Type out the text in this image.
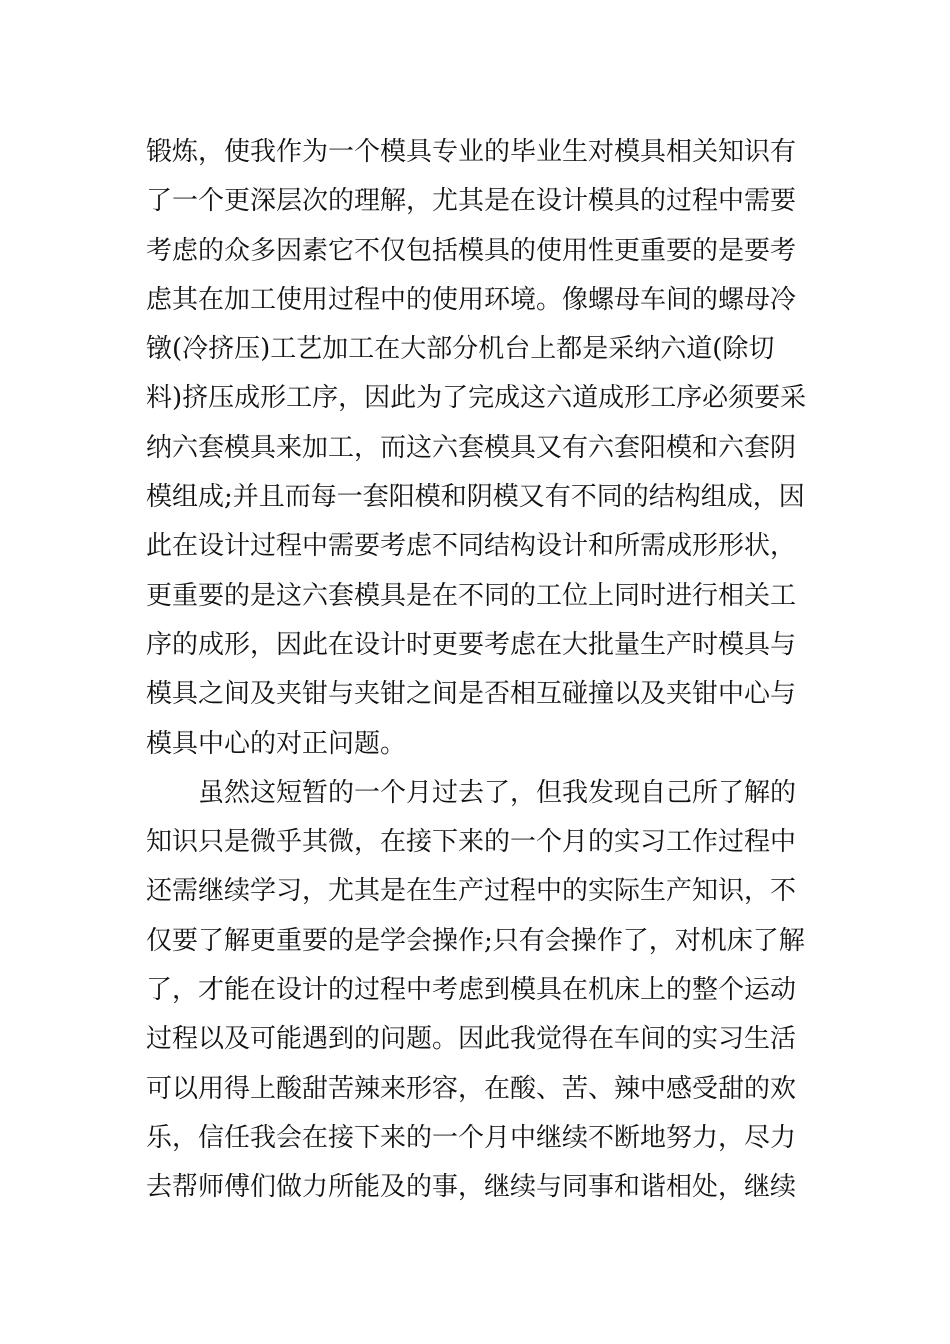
锻炼，使我作为一个模具专业的毕业生对模具相关知识有
了一个更深层次的理解，尤其是在设计模具的过程中需要
考虑的众多因素它不仅包括模具的使用性更重要的是要考
虑其在加工使用过程中的使用环境。像螺母车间的螺母冷
镦(冷挤压)工艺加工在大部分机台上都是采纳六道(除切
料)挤压成形工序，因此为了完成这六道成形工序必须要采
纳六套模具来加工，而这六套模具又有六套阳模和六套阴
模组成;并且而每一套阳模和阴模又有不同的结构组成，因
此在设计过程中需要考虑不同结构设计和所需成形形状，
更重要的是这六套模具是在不同的工位上同时进行相关工
序的成形，因此在设计时更要考虑在大批量生产时模具与
模具之间及夹钳与夹钳之间是否相互碰撞以及夹钳中心与
模具中心的对正问题。
　　虽然这短暂的一个月过去了，但我发现自己所了解的
知识只是微乎其微，在接下来的一个月的实习工作过程中
还需继续学习，尤其是在生产过程中的实际生产知识，不
仅要了解更重要的是学会操作;只有会操作了，对机床了解
了，才能在设计的过程中考虑到模具在机床上的整个运动
过程以及可能遇到的问题。因此我觉得在车间的实习生活
可以用得上酸甜苦辣来形容，在酸、苦、辣中感受甜的欢
乐，信任我会在接下来的一个月中继续不断地努力，尽力
去帮师傅们做力所能及的事，继续与同事和谐相处，继续
